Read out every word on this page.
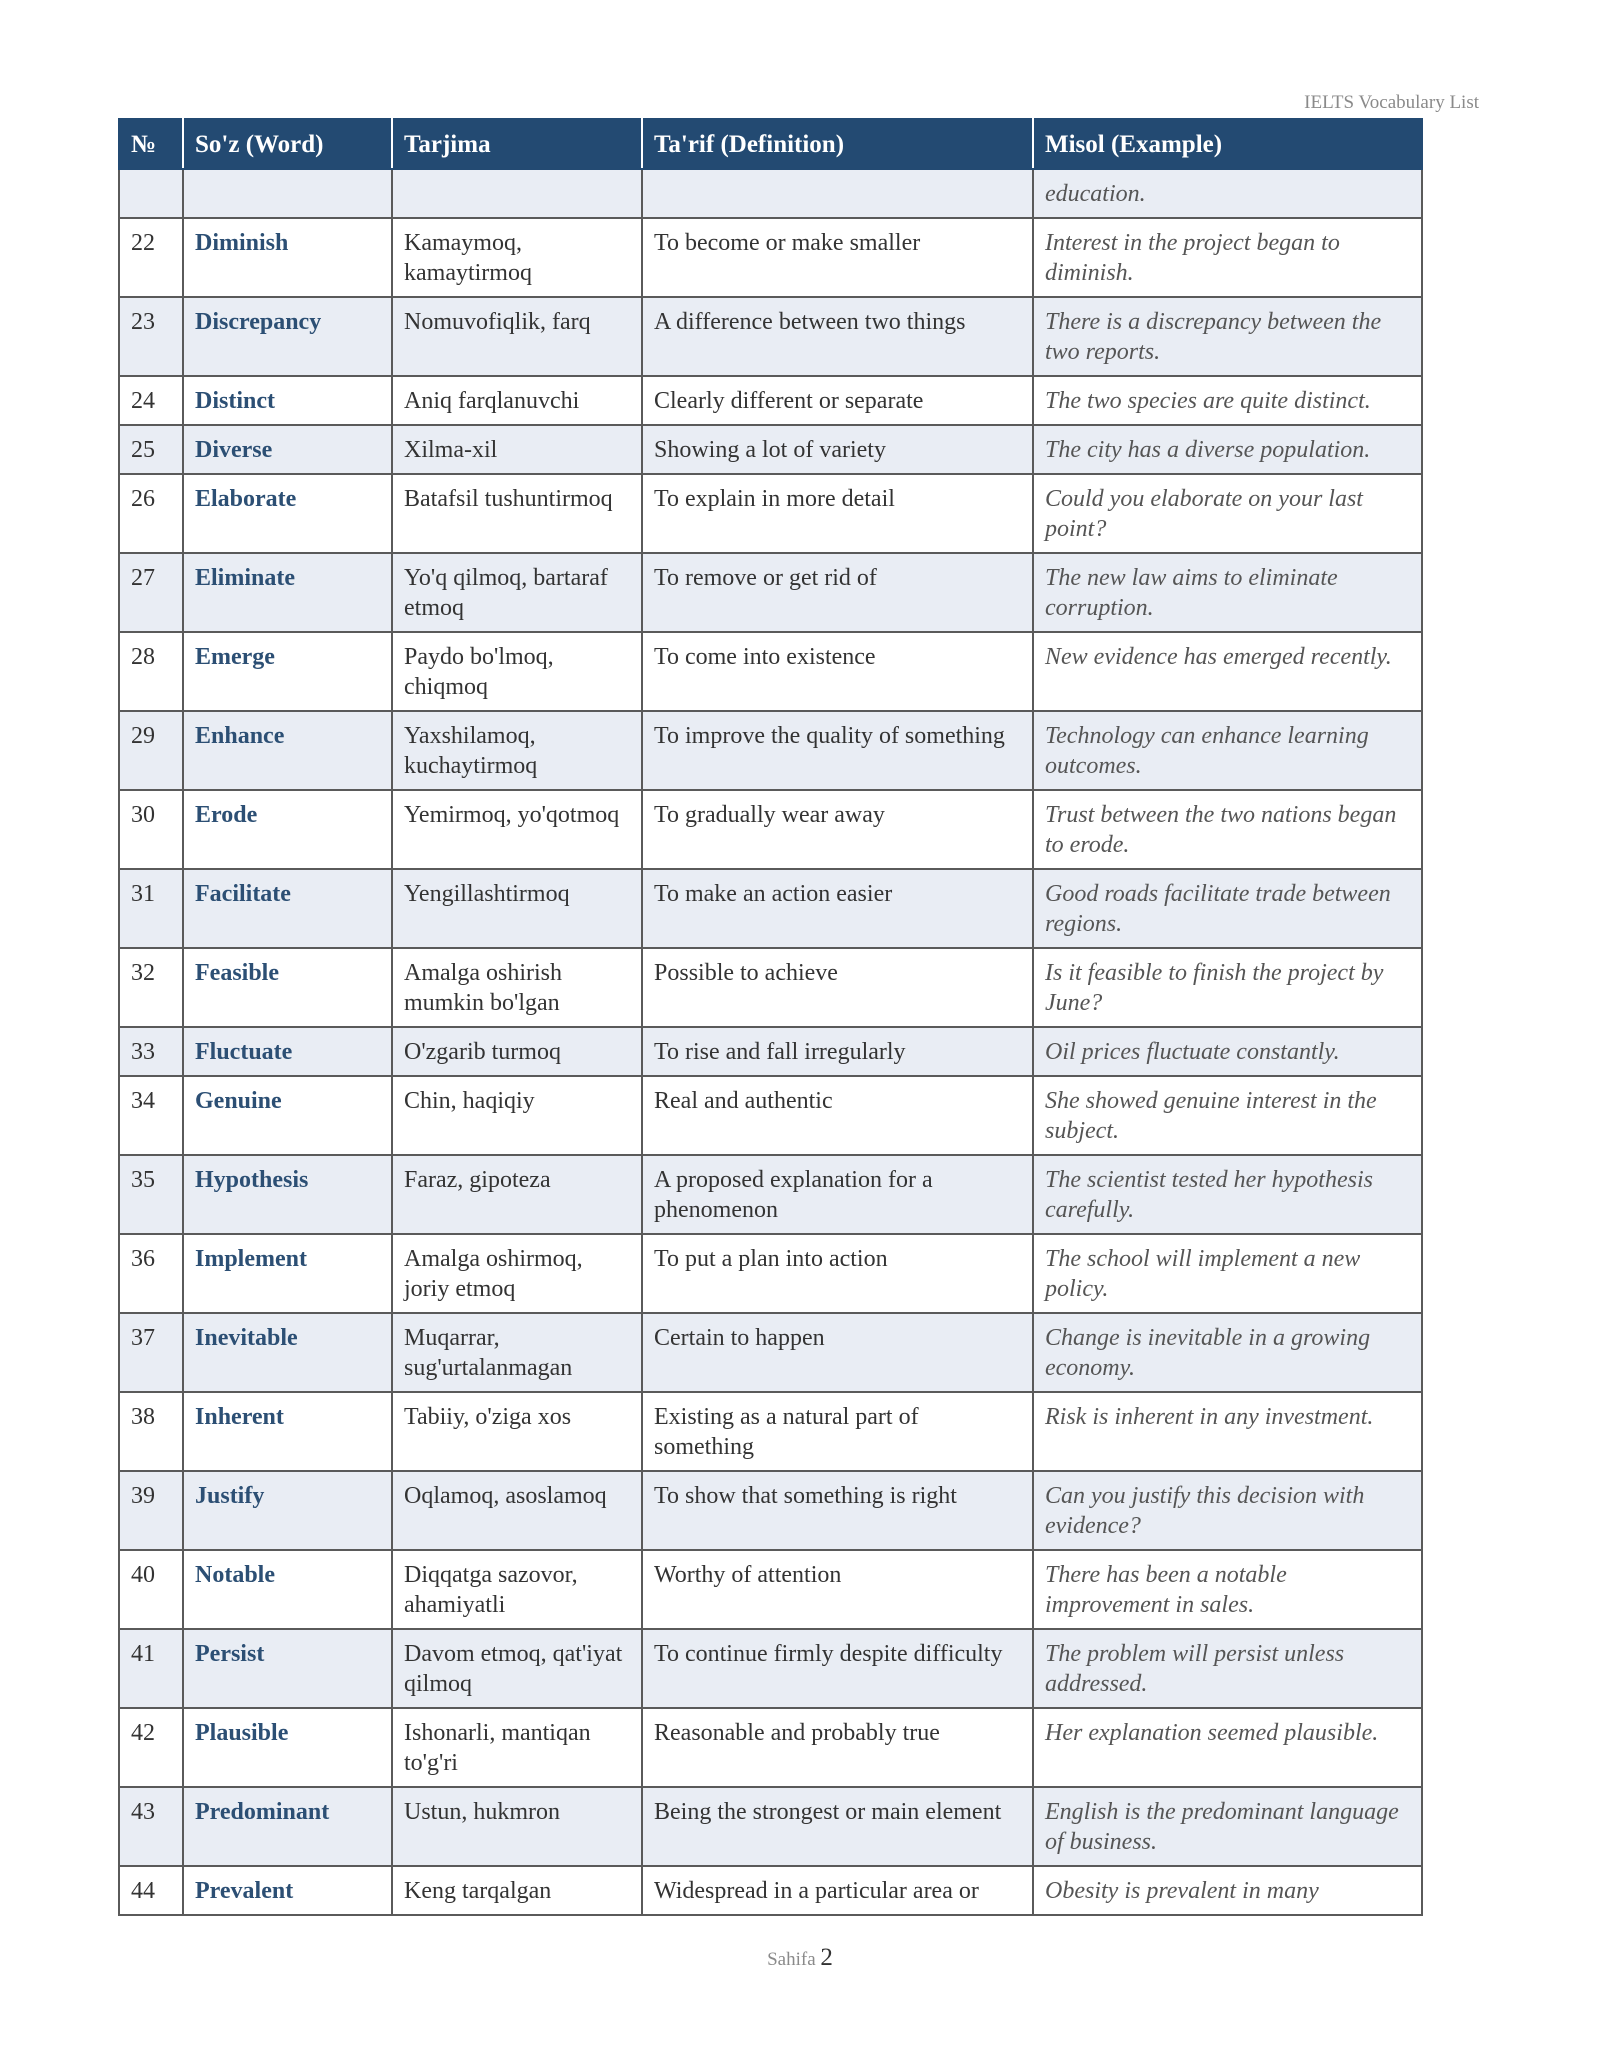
IELTS Vocabulary List
№	So'z (Word)	Tarjima	Ta'rif (Definition)	Misol (Example)
				education.
22	Diminish	Kamaymoq, kamaytirmoq	To become or make smaller	Interest in the project began to diminish.
23	Discrepancy	Nomuvofiqlik, farq	A difference between two things	There is a discrepancy between the two reports.
24	Distinct	Aniq farqlanuvchi	Clearly different or separate	The two species are quite distinct.
25	Diverse	Xilma-xil	Showing a lot of variety	The city has a diverse population.
26	Elaborate	Batafsil tushuntirmoq	To explain in more detail	Could you elaborate on your last point?
27	Eliminate	Yo'q qilmoq, bartaraf etmoq	To remove or get rid of	The new law aims to eliminate corruption.
28	Emerge	Paydo bo'lmoq, chiqmoq	To come into existence	New evidence has emerged recently.
29	Enhance	Yaxshilamoq, kuchaytirmoq	To improve the quality of something	Technology can enhance learning outcomes.
30	Erode	Yemirmoq, yo'qotmoq	To gradually wear away	Trust between the two nations began to erode.
31	Facilitate	Yengillashtirmoq	To make an action easier	Good roads facilitate trade between regions.
32	Feasible	Amalga oshirish mumkin bo'lgan	Possible to achieve	Is it feasible to finish the project by June?
33	Fluctuate	O'zgarib turmoq	To rise and fall irregularly	Oil prices fluctuate constantly.
34	Genuine	Chin, haqiqiy	Real and authentic	She showed genuine interest in the subject.
35	Hypothesis	Faraz, gipoteza	A proposed explanation for a phenomenon	The scientist tested her hypothesis carefully.
36	Implement	Amalga oshirmoq, joriy etmoq	To put a plan into action	The school will implement a new policy.
37	Inevitable	Muqarrar, sug'urtalanmagan	Certain to happen	Change is inevitable in a growing economy.
38	Inherent	Tabiiy, o'ziga xos	Existing as a natural part of something	Risk is inherent in any investment.
39	Justify	Oqlamoq, asoslamoq	To show that something is right	Can you justify this decision with evidence?
40	Notable	Diqqatga sazovor, ahamiyatli	Worthy of attention	There has been a notable improvement in sales.
41	Persist	Davom etmoq, qat'iyat qilmoq	To continue firmly despite difficulty	The problem will persist unless addressed.
42	Plausible	Ishonarli, mantiqan to'g'ri	Reasonable and probably true	Her explanation seemed plausible.
43	Predominant	Ustun, hukmron	Being the strongest or main element	English is the predominant language of business.
44	Prevalent	Keng tarqalgan	Widespread in a particular area or	Obesity is prevalent in many
Sahifa 2
